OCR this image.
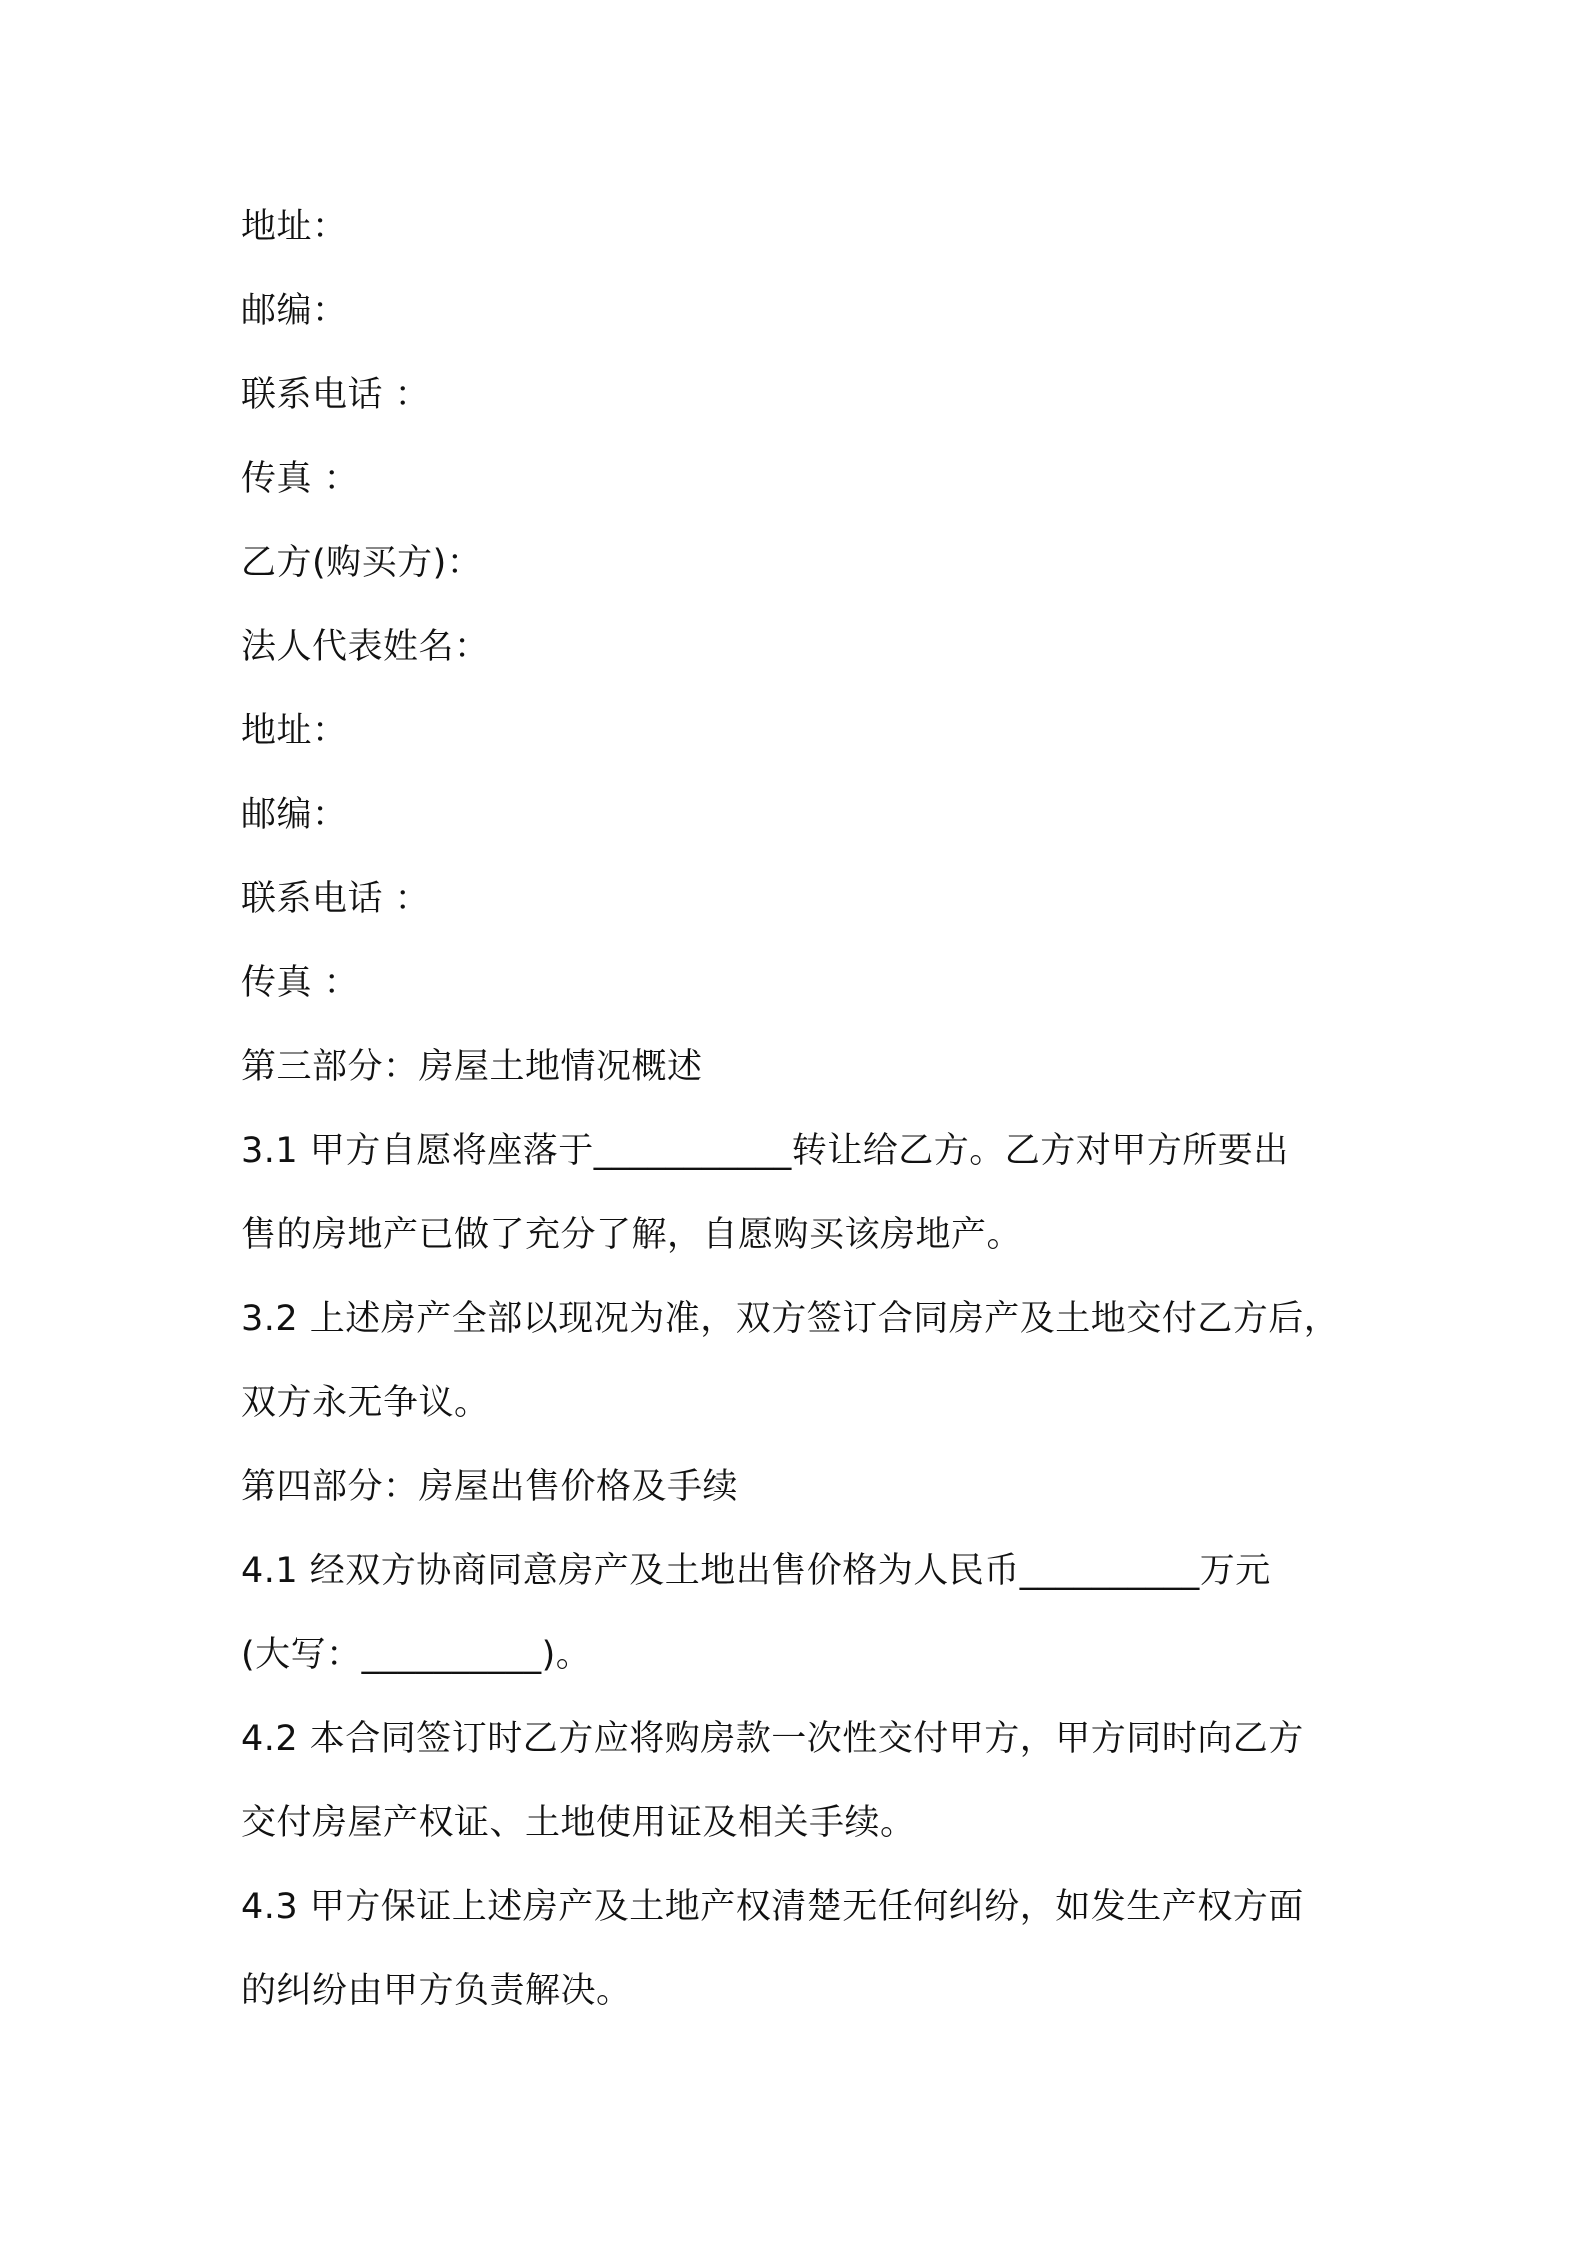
地址：
邮编：
联系电话 ：
传真 ：
乙方(购买方)：
法人代表姓名：
地址：
邮编：
联系电话 ：
传真 ：
第三部分：房屋土地情况概述
3.1 甲方自愿将座落于___________转让给乙方。乙方对甲方所要出
售的房地产已做了充分了解，自愿购买该房地产。
3.2 上述房产全部以现况为准，双方签订合同房产及土地交付乙方后，
双方永无争议。
第四部分：房屋出售价格及手续
4.1 经双方协商同意房产及土地出售价格为人民币__________万元
(大写：__________)。
4.2 本合同签订时乙方应将购房款一次性交付甲方，甲方同时向乙方
交付房屋产权证、土地使用证及相关手续。
4.3 甲方保证上述房产及土地产权清楚无任何纠纷，如发生产权方面
的纠纷由甲方负责解决。
